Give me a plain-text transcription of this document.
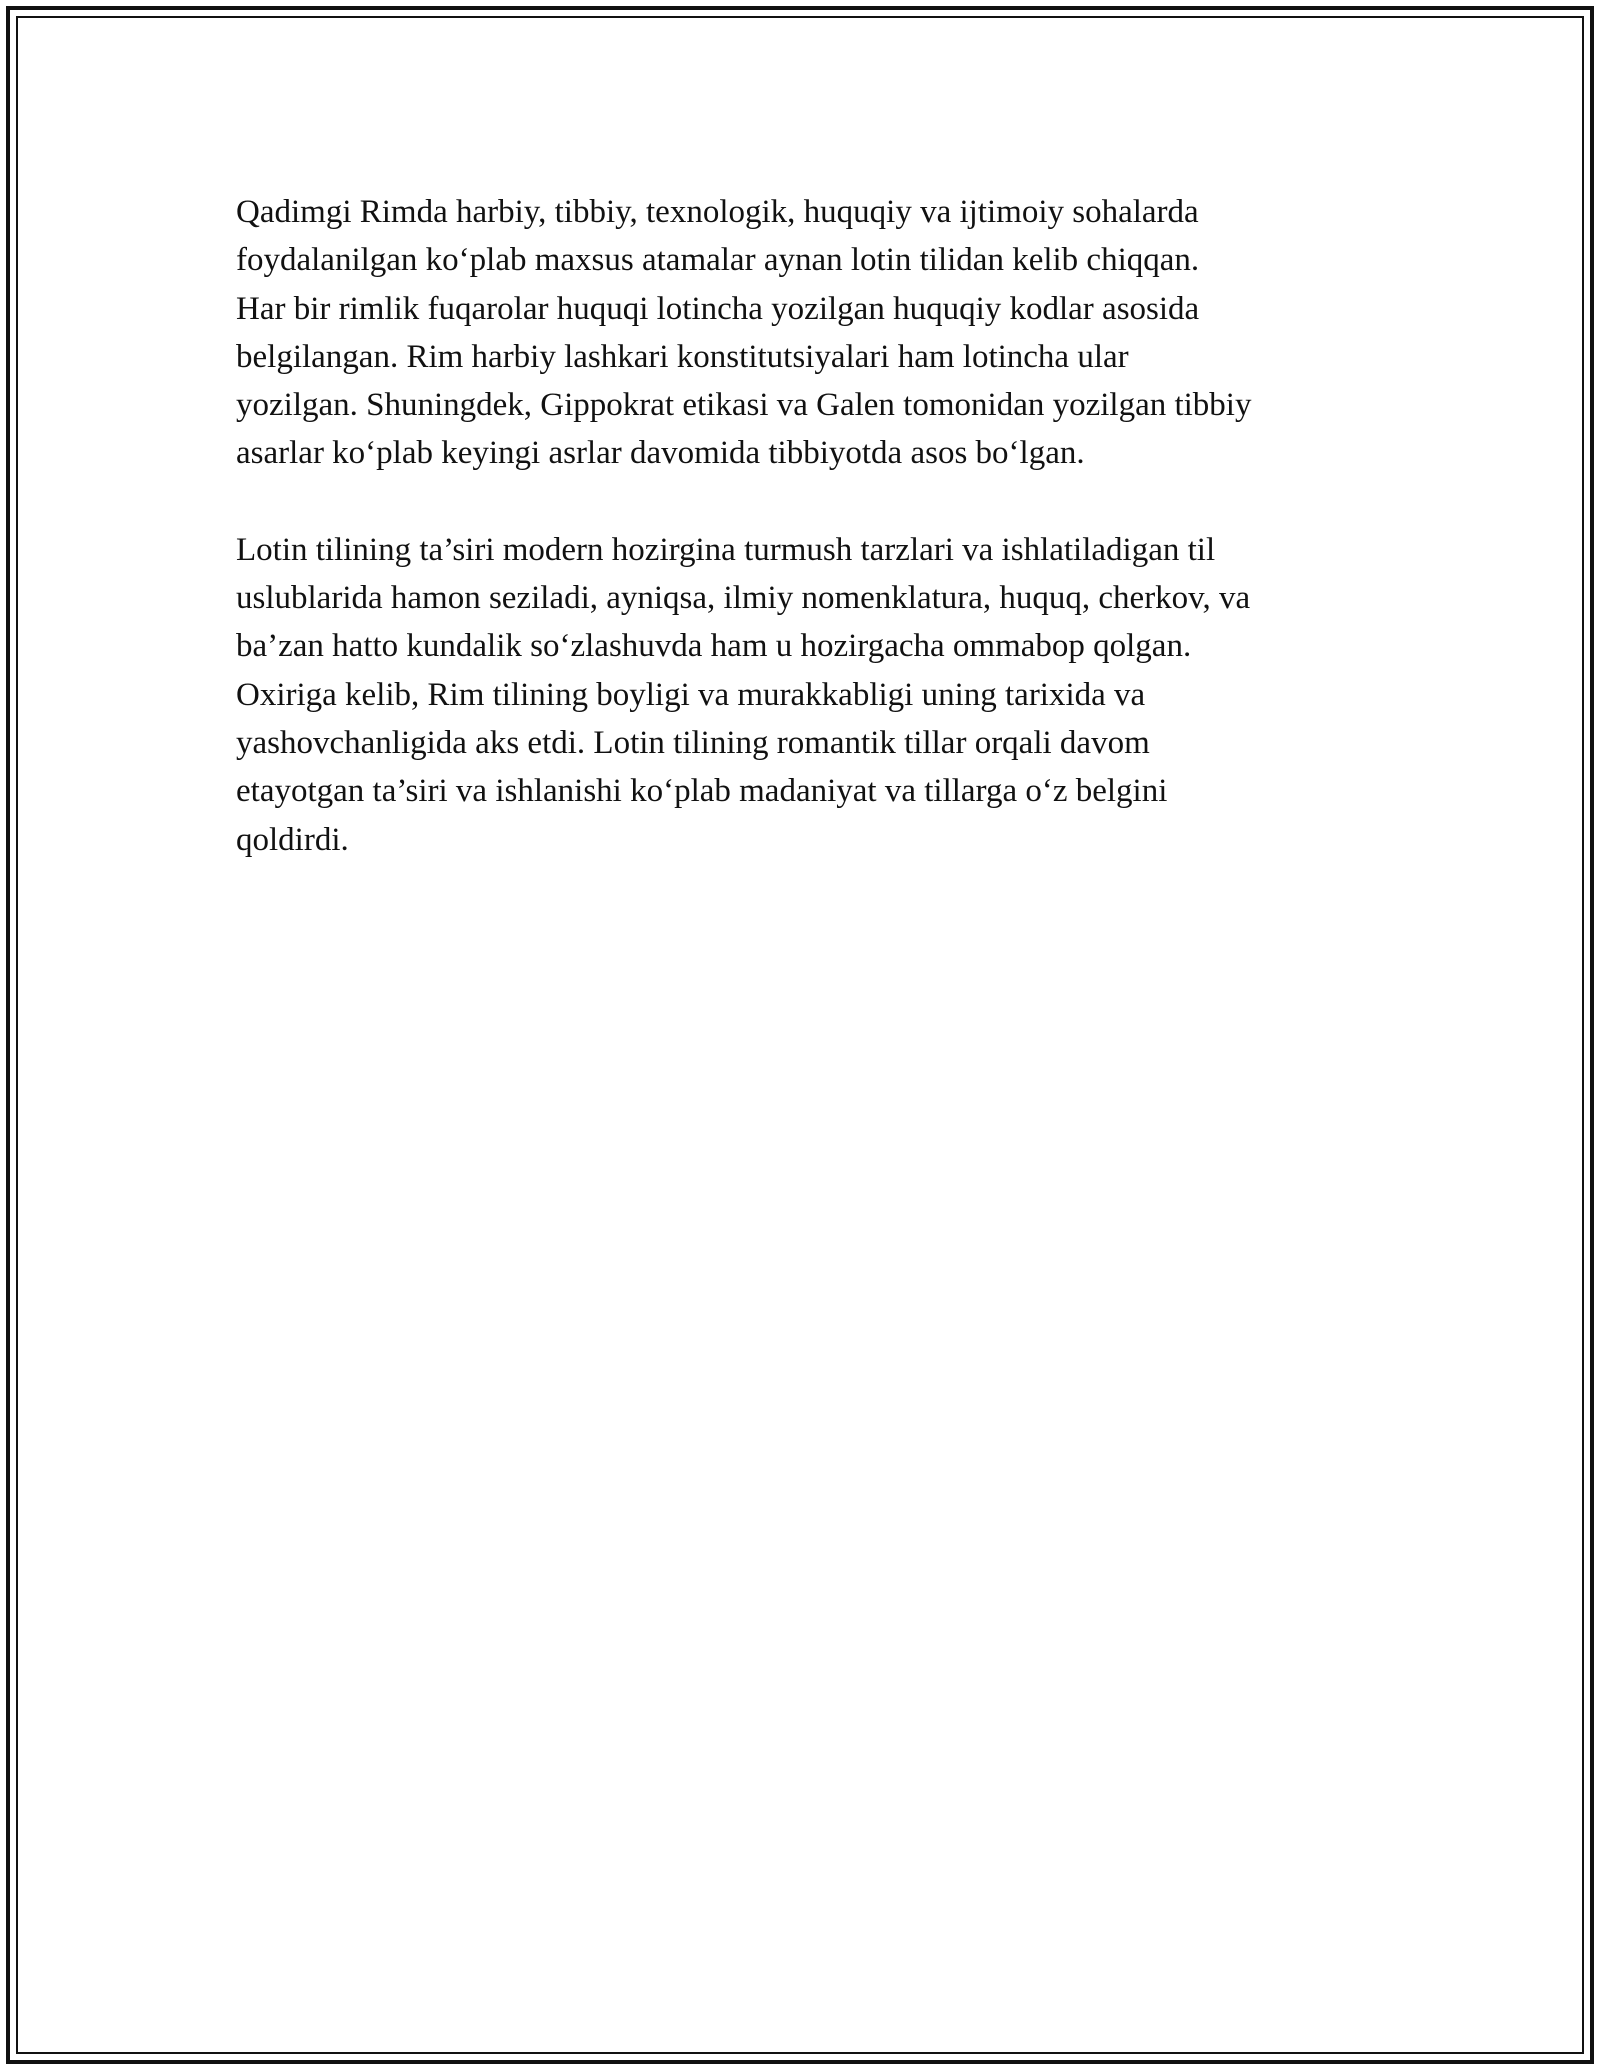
Qadimgi Rimda harbiy, tibbiy, texnologik, huquqiy va ijtimoiy sohalarda
foydalanilgan koʻplab maxsus atamalar aynan lotin tilidan kelib chiqqan.
Har bir rimlik fuqarolar huquqi lotincha yozilgan huquqiy kodlar asosida
belgilangan. Rim harbiy lashkari konstitutsiyalari ham lotincha ular
yozilgan. Shuningdek, Gippokrat etikasi va Galen tomonidan yozilgan tibbiy
asarlar koʻplab keyingi asrlar davomida tibbiyotda asos boʻlgan.

Lotin tilining ta’siri modern hozirgina turmush tarzlari va ishlatiladigan til
uslublarida hamon seziladi, ayniqsa, ilmiy nomenklatura, huquq, cherkov, va
ba’zan hatto kundalik soʻzlashuvda ham u hozirgacha ommabop qolgan.
Oxiriga kelib, Rim tilining boyligi va murakkabligi uning tarixida va
yashovchanligida aks etdi. Lotin tilining romantik tillar orqali davom
etayotgan ta’siri va ishlanishi koʻplab madaniyat va tillarga oʻz belgini
qoldirdi.
